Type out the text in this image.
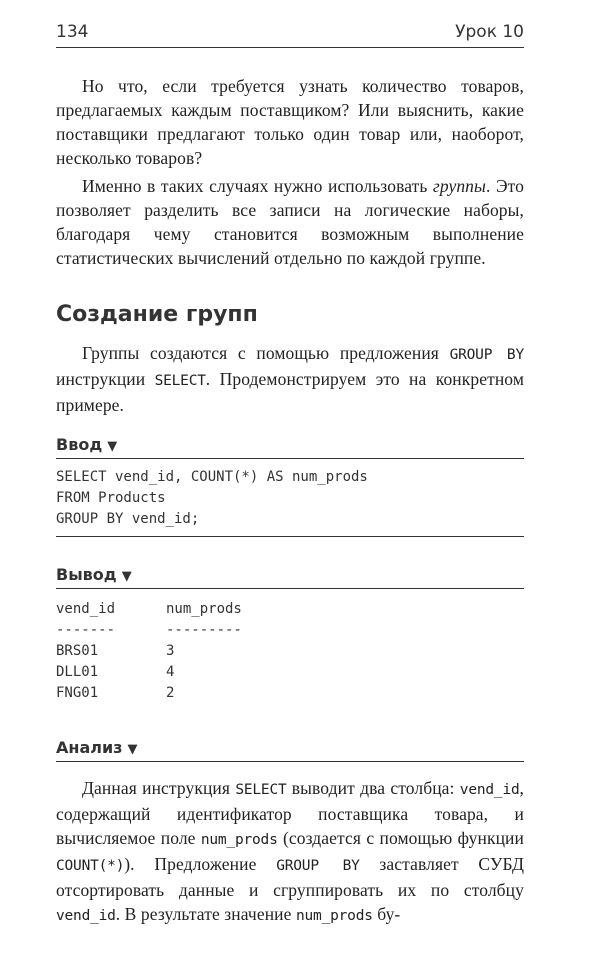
134	Урок 10

Но что, если требуется узнать количество товаров, предлагаемых каждым поставщиком? Или выяснить, какие поставщики предлагают только один товар или, наоборот, несколько товаров?

Именно в таких случаях нужно использовать группы. Это позволяет разделить все записи на логические наборы, благодаря чему становится возможным выполнение статистических вычислений отдельно по каждой группе.

Создание групп

Группы создаются с помощью предложения GROUP BY инструкции SELECT. Продемонстрируем это на конкретном примере.

Ввод ▼
SELECT vend_id, COUNT(*) AS num_prods
FROM Products
GROUP BY vend_id;
Вывод ▼
vend_id	num_prods
-------	---------
BRS01	3
DLL01	4
FNG01	2
Анализ ▼

Данная инструкция SELECT выводит два столбца: vend_id, содержащий идентификатор поставщика товара, и вычисляемое поле num_prods (создается с помощью функции COUNT(*)). Предложение GROUP BY заставляет СУБД отсортировать данные и сгруппировать их по столбцу vend_id. В результате значение num_prods бу-
